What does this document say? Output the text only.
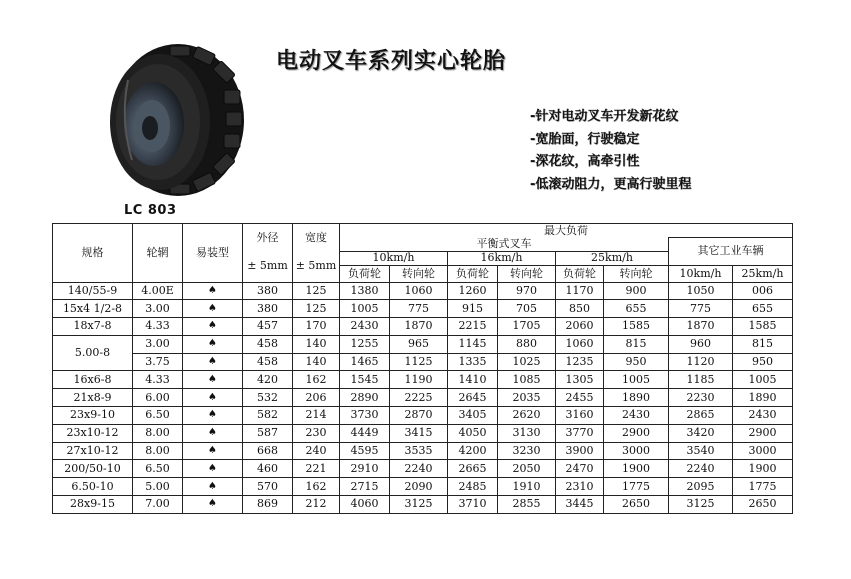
LC 803
电动叉车系列实心轮胎
-针对电动叉车开发新花纹
-宽胎面，行驶稳定
-深花纹，高牵引性
-低滚动阻力，更高行驶里程
规格	轮辋	易装型	外径	宽度	最大负荷							
					平衡式叉车						其它工业车辆	
			± 5mm	± 5mm	10km/h		16km/h		25km/h			
					负荷轮	转向轮	负荷轮	转向轮	负荷轮	转向轮	10km/h	25km/h
140/55-9	4.00E	♠	380	125	1380	1060	1260	970	1170	900	1050	006
15x4 1/2-8	3.00	♠	380	125	1005	775	915	705	850	655	775	655
18x7-8	4.33	♠	457	170	2430	1870	2215	1705	2060	1585	1870	1585
5.00-8	3.00	♠	458	140	1255	965	1145	880	1060	815	960	815
	3.75	♠	458	140	1465	1125	1335	1025	1235	950	1120	950
16x6-8	4.33	♠	420	162	1545	1190	1410	1085	1305	1005	1185	1005
21x8-9	6.00	♠	532	206	2890	2225	2645	2035	2455	1890	2230	1890
23x9-10	6.50	♠	582	214	3730	2870	3405	2620	3160	2430	2865	2430
23x10-12	8.00	♠	587	230	4449	3415	4050	3130	3770	2900	3420	2900
27x10-12	8.00	♠	668	240	4595	3535	4200	3230	3900	3000	3540	3000
200/50-10	6.50	♠	460	221	2910	2240	2665	2050	2470	1900	2240	1900
6.50-10	5.00	♠	570	162	2715	2090	2485	1910	2310	1775	2095	1775
28x9-15	7.00	♠	869	212	4060	3125	3710	2855	3445	2650	3125	2650
